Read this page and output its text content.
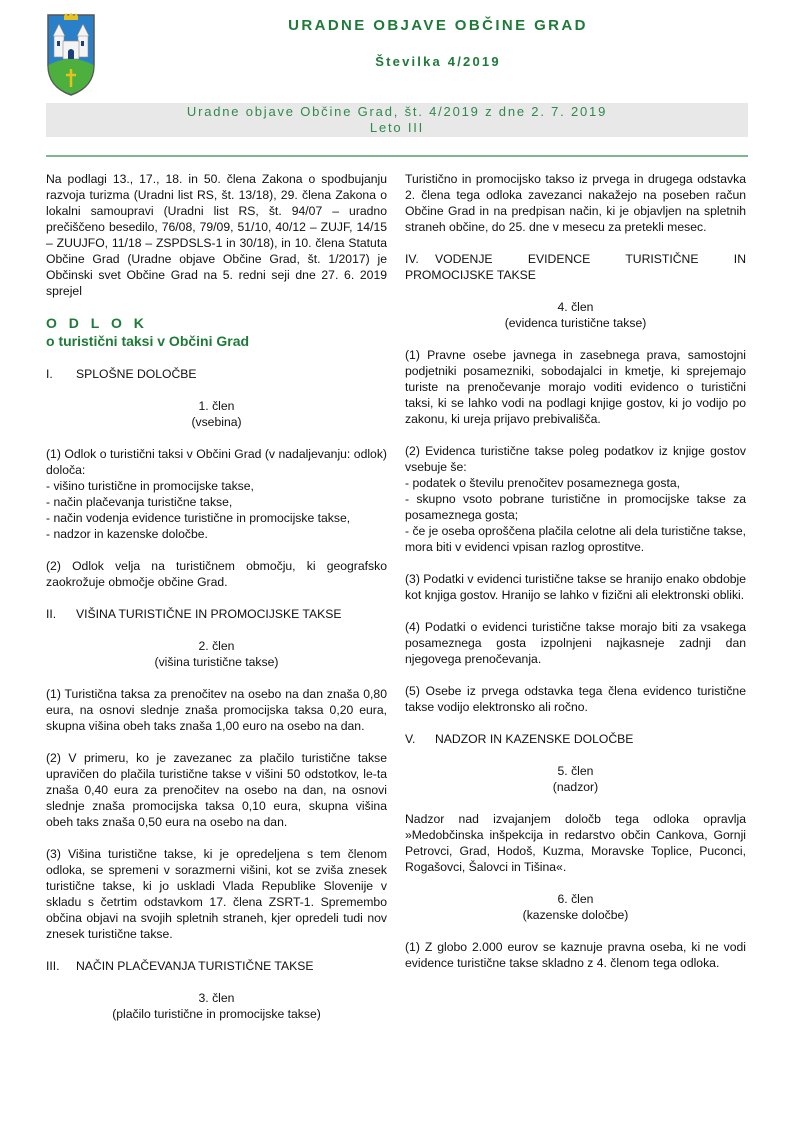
URADNE OBJAVE OBČINE GRAD
Številka 4/2019
Uradne objave Občine Grad, št. 4/2019 z dne 2. 7. 2019
Leto III

Na podlagi 13., 17., 18. in 50. člena Zakona o spodbujanju razvoja turizma (Uradni list RS, št. 13/18), 29. člena Zakona o lokalni samoupravi (Uradni list RS, št. 94/07 – uradno prečiščeno besedilo, 76/08, 79/09, 51/10, 40/12 – ZUJF, 14/15 – ZUUJFO, 11/18 – ZSPDSLS-1 in 30/18), in 10. člena Statuta Občine Grad (Uradne objave Občine Grad, št. 1/2017) je Občinski svet Občine Grad na 5. redni seji dne 27. 6. 2019 sprejel

O D L O K

o turistični taksi v Občini Grad

I.	SPLOŠNE DOLOČBE

1. člen

(vsebina)

(1) Odlok o turistični taksi v Občini Grad (v nadaljevanju: odlok) določa:

- višino turistične in promocijske takse,

- način plačevanja turistične takse,

- način vodenja evidence turistične in promocijske takse,

- nadzor in kazenske določbe.

(2) Odlok velja na turističnem območju, ki geografsko zaokrožuje območje občine Grad.

II.	VIŠINA TURISTIČNE IN PROMOCIJSKE TAKSE

2. člen

(višina turistične takse)

(1) Turistična taksa za prenočitev na osebo na dan znaša 0,80 eura, na osnovi slednje znaša promocijska taksa 0,20 eura, skupna višina obeh taks znaša 1,00 euro na osebo na dan.

(2) V primeru, ko je zavezanec za plačilo turistične takse upravičen do plačila turistične takse v višini 50 odstotkov, le-ta znaša 0,40 eura za prenočitev na osebo na dan, na osnovi slednje znaša promocijska taksa 0,10 eura, skupna višina obeh taks znaša 0,50 eura na osebo na dan.

(3) Višina turistične takse, ki je opredeljena s tem členom odloka, se spremeni v sorazmerni višini, kot se zviša znesek turistične takse, ki jo uskladi Vlada Republike Slovenije v skladu s četrtim odstavkom 17. člena ZSRT-1. Spremembo občina objavi na svojih spletnih straneh, kjer opredeli tudi nov znesek turistične takse.

III.	NAČIN PLAČEVANJA TURISTIČNE TAKSE

3. člen

(plačilo turistične in promocijske takse)

Turistično in promocijsko takso iz prvega in drugega odstavka 2. člena tega odloka zavezanci nakažejo na poseben račun Občine Grad in na predpisan način, ki je objavljen na spletnih straneh občine, do 25. dne v mesecu za pretekli mesec.

IV.	VODENJE EVIDENCE TURISTIČNE IN

PROMOCIJSKE TAKSE

4. člen

(evidenca turistične takse)

(1) Pravne osebe javnega in zasebnega prava, samostojni podjetniki posamezniki, sobodajalci in kmetje, ki sprejemajo turiste na prenočevanje morajo voditi evidenco o turistični taksi, ki se lahko vodi na podlagi knjige gostov, ki jo vodijo po zakonu, ki ureja prijavo prebivališča.

(2) Evidenca turistične takse poleg podatkov iz knjige gostov vsebuje še:

- podatek o številu prenočitev posameznega gosta,

- skupno vsoto pobrane turistične in promocijske takse za posameznega gosta;

- če je oseba oproščena plačila celotne ali dela turistične takse, mora biti v evidenci vpisan razlog oprostitve.

(3) Podatki v evidenci turistične takse se hranijo enako obdobje kot knjiga gostov. Hranijo se lahko v fizični ali elektronski obliki.

(4) Podatki o evidenci turistične takse morajo biti za vsakega posameznega gosta izpolnjeni najkasneje zadnji dan njegovega prenočevanja.

(5) Osebe iz prvega odstavka tega člena evidenco turistične takse vodijo elektronsko ali ročno.

V.	NADZOR IN KAZENSKE DOLOČBE

5. člen

(nadzor)

Nadzor nad izvajanjem določb tega odloka opravlja »Medobčinska inšpekcija in redarstvo občin Cankova, Gornji Petrovci, Grad, Hodoš, Kuzma, Moravske Toplice, Puconci, Rogašovci, Šalovci in Tišina«.

6. člen

(kazenske določbe)

(1) Z globo 2.000 eurov se kaznuje pravna oseba, ki ne vodi evidence turistične takse skladno z 4. členom tega odloka.
